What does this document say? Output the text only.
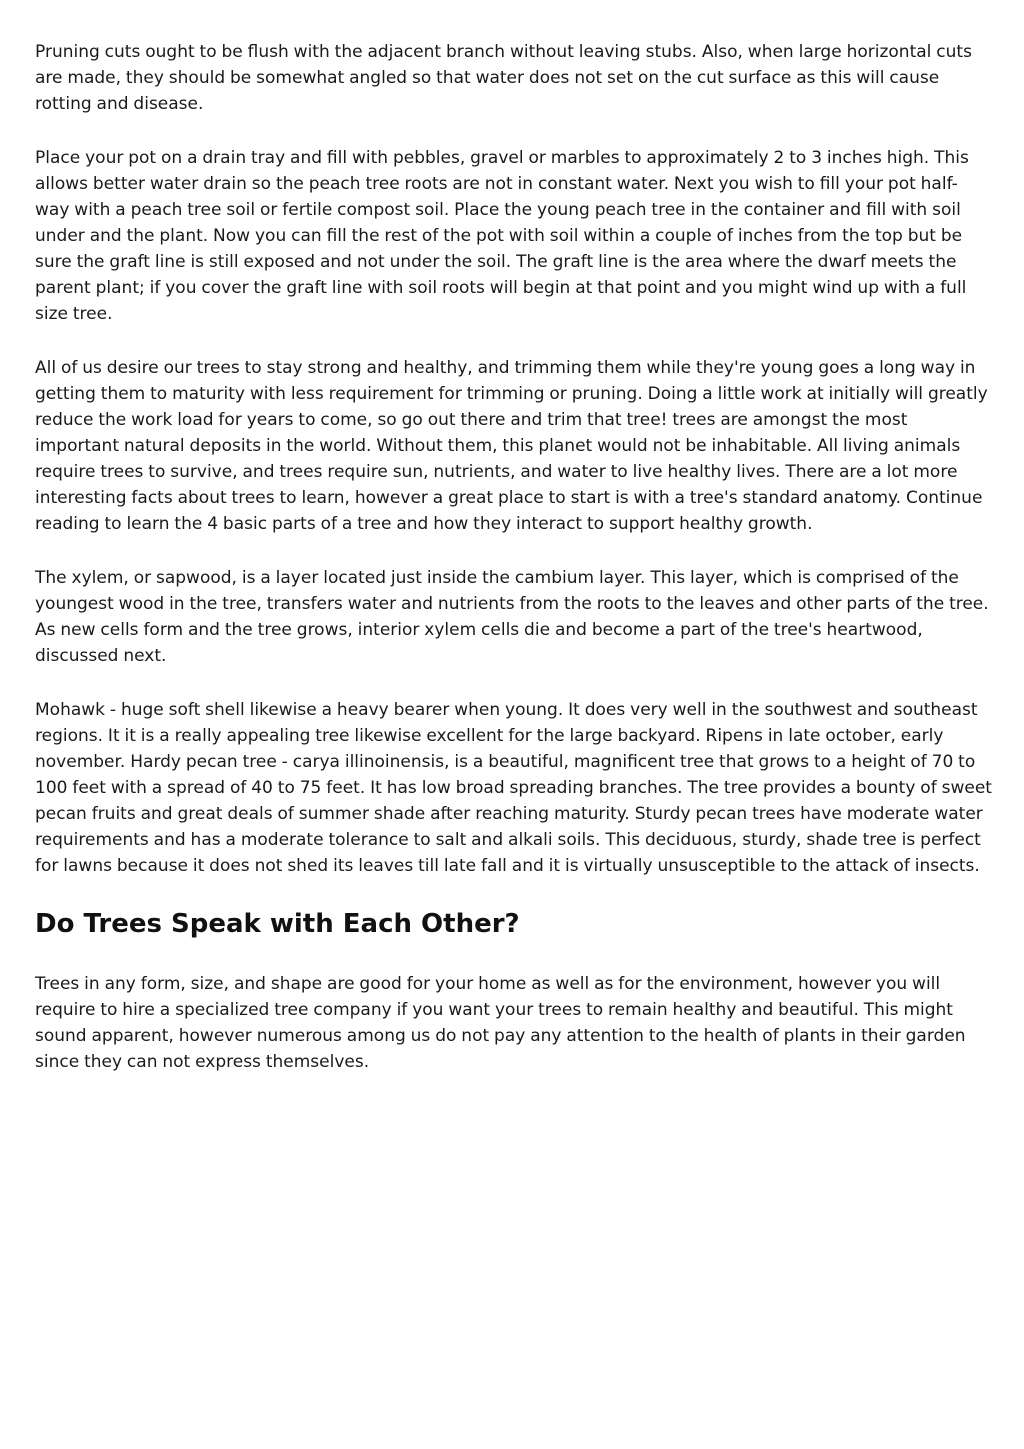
Pruning cuts ought to be flush with the adjacent branch without leaving stubs. Also, when large horizontal cuts are made, they should be somewhat angled so that water does not set on the cut surface as this will cause rotting and disease.

Place your pot on a drain tray and fill with pebbles, gravel or marbles to approximately 2 to 3 inches high. This allows better water drain so the peach tree roots are not in constant water. Next you wish to fill your pot half-way with a peach tree soil or fertile compost soil. Place the young peach tree in the container and fill with soil under and the plant. Now you can fill the rest of the pot with soil within a couple of inches from the top but be sure the graft line is still exposed and not under the soil. The graft line is the area where the dwarf meets the parent plant; if you cover the graft line with soil roots will begin at that point and you might wind up with a full size tree.

All of us desire our trees to stay strong and healthy, and trimming them while they're young goes a long way in getting them to maturity with less requirement for trimming or pruning. Doing a little work at initially will greatly reduce the work load for years to come, so go out there and trim that tree! trees are amongst the most important natural deposits in the world. Without them, this planet would not be inhabitable. All living animals require trees to survive, and trees require sun, nutrients, and water to live healthy lives. There are a lot more interesting facts about trees to learn, however a great place to start is with a tree's standard anatomy. Continue reading to learn the 4 basic parts of a tree and how they interact to support healthy growth.

The xylem, or sapwood, is a layer located just inside the cambium layer. This layer, which is comprised of the youngest wood in the tree, transfers water and nutrients from the roots to the leaves and other parts of the tree. As new cells form and the tree grows, interior xylem cells die and become a part of the tree's heartwood, discussed next.

Mohawk - huge soft shell likewise a heavy bearer when young. It does very well in the southwest and southeast regions. It it is a really appealing tree likewise excellent for the large backyard. Ripens in late october, early november. Hardy pecan tree - carya illinoinensis, is a beautiful, magnificent tree that grows to a height of 70 to 100 feet with a spread of 40 to 75 feet. It has low broad spreading branches. The tree provides a bounty of sweet pecan fruits and great deals of summer shade after reaching maturity. Sturdy pecan trees have moderate water requirements and has a moderate tolerance to salt and alkali soils. This deciduous, sturdy, shade tree is perfect for lawns because it does not shed its leaves till late fall and it is virtually unsusceptible to the attack of insects.

Do Trees Speak with Each Other?

Trees in any form, size, and shape are good for your home as well as for the environment, however you will require to hire a specialized tree company if you want your trees to remain healthy and beautiful. This might sound apparent, however numerous among us do not pay any attention to the health of plants in their garden since they can not express themselves.
